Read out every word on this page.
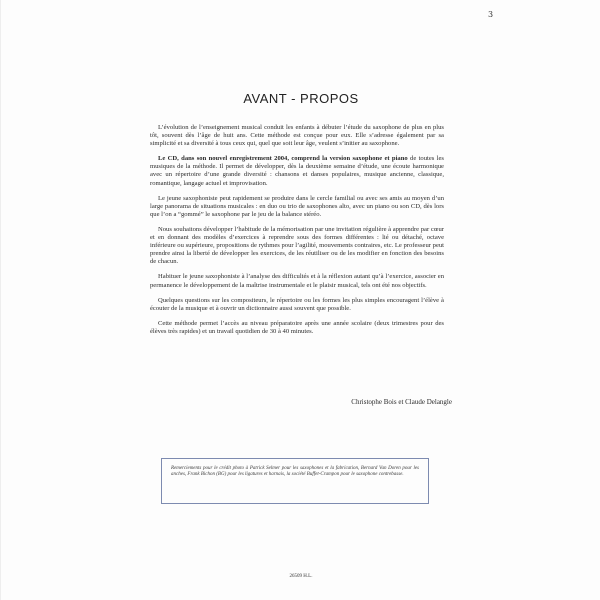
3
AVANT - PROPOS

L’évolution de l’enseignement musical conduit les enfants à débuter l’étude du saxophone de plus en plus tôt, souvent dès l’âge de huit ans. Cette méthode est conçue pour eux. Elle s’adresse également par sa simplicité et sa diversité à tous ceux qui, quel que soit leur âge, veulent s’initier au saxophone.

Le CD, dans son nouvel enregistrement 2004, comprend la version saxophone et piano de toutes les musiques de la méthode. Il permet de développer, dès la deuxième semaine d’étude, une écoute harmonique avec un répertoire d’une grande diversité : chansons et danses populaires, musique ancienne, classique, romantique, langage actuel et improvisation.

Le jeune saxophoniste peut rapidement se produire dans le cercle familial ou avec ses amis au moyen d’un large panorama de situations musicales : en duo ou trio de saxophones alto, avec un piano ou son CD, dès lors que l’on a “gommé” le saxophone par le jeu de la balance stéréo.

Nous souhaitons développer l’habitude de la mémorisation par une invitation régulière à apprendre par cœur et en donnant des modèles d’exercices à reprendre sous des formes différentes : lié ou détaché, octave inférieure ou supérieure, propositions de rythmes pour l’agilité, mouvements contraires, etc. Le professeur peut prendre ainsi la liberté de développer les exercices, de les réutiliser ou de les modifier en fonction des besoins de chacun.

Habituer le jeune saxophoniste à l’analyse des difficultés et à la réflexion autant qu’à l’exercice, associer en permanence le développement de la maîtrise instrumentale et le plaisir musical, tels ont été nos objectifs.

Quelques questions sur les compositeurs, le répertoire ou les formes les plus simples encouragent l’élève à écouter de la musique et à ouvrir un dictionnaire aussi souvent que possible.

Cette méthode permet l’accès au niveau préparatoire après une année scolaire (deux trimestres pour des élèves très rapides) et un travail quotidien de 30 à 40 minutes.

Christophe Bois et Claude Delangle
Remerciements pour le crédit photo à Patrick Selmer pour les saxophones et la fabrication, Bernard Van Doren pour les anches, Frank Bichon (BG) pour les ligatures et harnais, la société Buffet-Crampon pour le saxophone contrebasse.
26509 H.L.
